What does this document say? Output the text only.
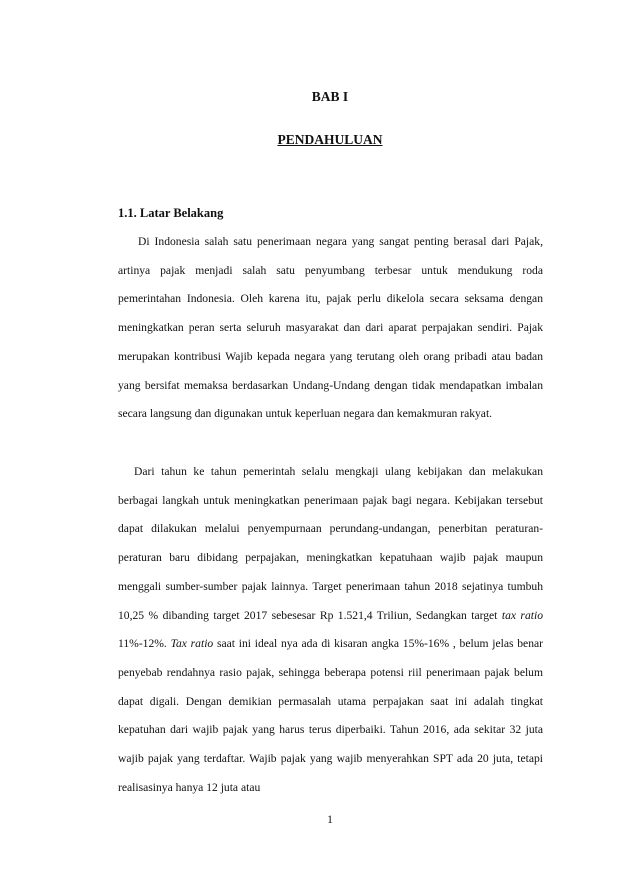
BAB I
PENDAHULUAN
1.1. Latar Belakang

Di Indonesia salah satu penerimaan negara yang sangat penting berasal dari Pajak, artinya pajak menjadi salah satu penyumbang terbesar untuk mendukung roda pemerintahan Indonesia. Oleh karena itu, pajak perlu dikelola secara seksama dengan meningkatkan peran serta seluruh masyarakat dan dari aparat perpajakan sendiri. Pajak merupakan kontribusi Wajib kepada negara yang terutang oleh orang pribadi atau badan yang bersifat memaksa berdasarkan Undang-Undang dengan tidak mendapatkan imbalan secara langsung dan digunakan untuk keperluan negara dan kemakmuran rakyat.

Dari tahun ke tahun pemerintah selalu mengkaji ulang kebijakan dan melakukan berbagai langkah untuk meningkatkan penerimaan pajak bagi negara. Kebijakan tersebut dapat dilakukan melalui penyempurnaan perundang-undangan, penerbitan peraturan-peraturan baru dibidang perpajakan, meningkatkan kepatuhaan wajib pajak maupun menggali sumber-sumber pajak lainnya. Target penerimaan tahun 2018 sejatinya tumbuh 10,25 % dibanding target 2017 sebesesar Rp 1.521,4 Triliun, Sedangkan target tax ratio 11%-12%. Tax ratio saat ini ideal nya ada di kisaran angka 15%-16% , belum jelas benar penyebab rendahnya rasio pajak, sehingga beberapa potensi riil penerimaan pajak belum dapat digali. Dengan demikian permasalah utama perpajakan saat ini adalah tingkat kepatuhan dari wajib pajak yang harus terus diperbaiki. Tahun 2016, ada sekitar 32 juta wajib pajak yang terdaftar. Wajib pajak yang wajib menyerahkan SPT ada 20 juta, tetapi realisasinya hanya 12 juta atau

1
